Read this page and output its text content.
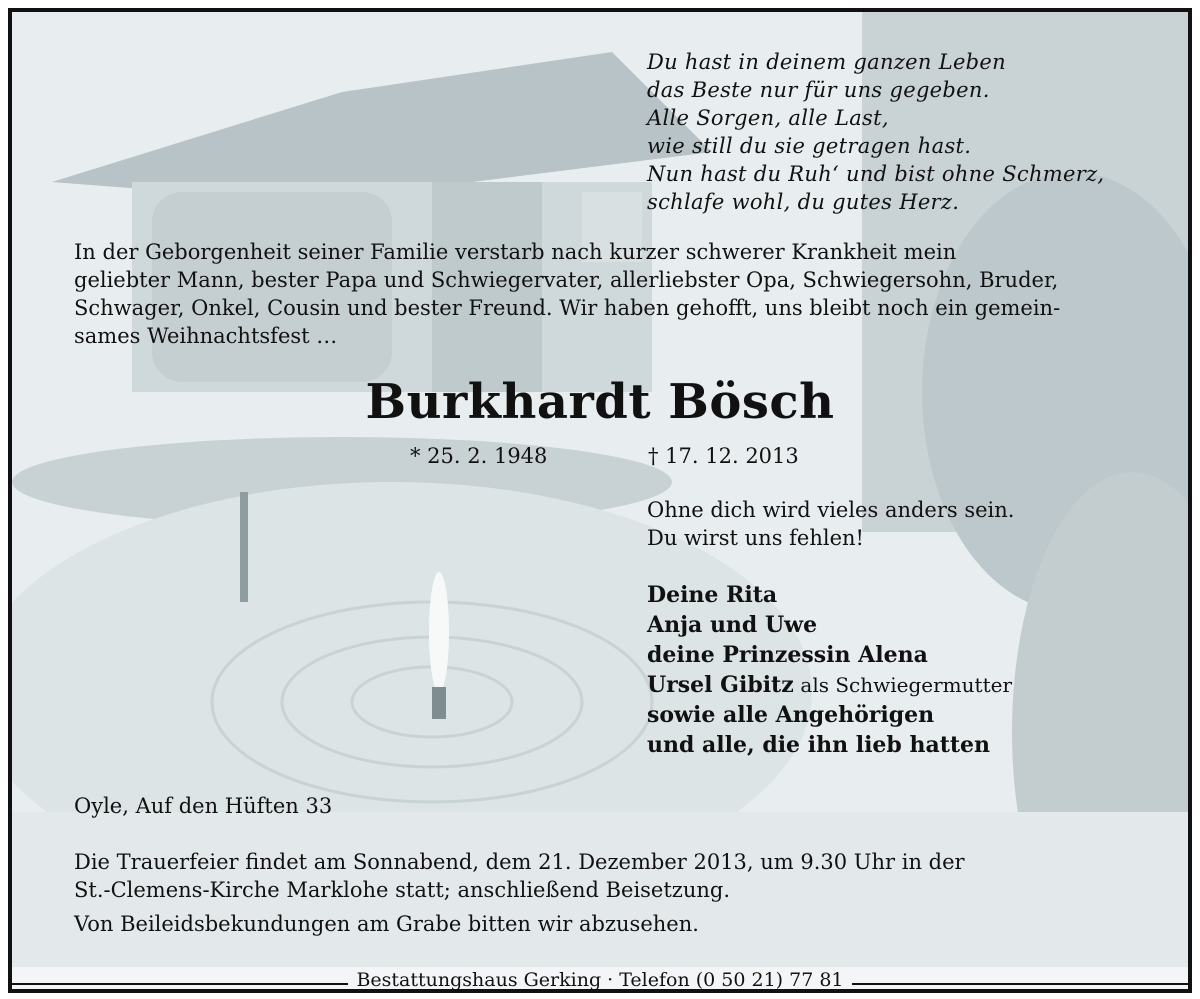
Du hast in deinem ganzen Leben
das Beste nur für uns gegeben.
Alle Sorgen, alle Last,
wie still du sie getragen hast.
Nun hast du Ruh‘ und bist ohne Schmerz,
schlafe wohl, du gutes Herz.
In der Geborgenheit seiner Familie verstarb nach kurzer schwerer Krankheit mein
geliebter Mann, bester Papa und Schwiegervater, allerliebster Opa, Schwiegersohn, Bruder,
Schwager, Onkel, Cousin und bester Freund. Wir haben gehofft, uns bleibt noch ein gemein-
sames Weihnachtsfest …
Burkhardt Bösch
* 25. 2. 1948	† 17. 12. 2013
Ohne dich wird vieles anders sein.
Du wirst uns fehlen!
Deine Rita
Anja und Uwe
deine Prinzessin Alena
Ursel Gibitz als Schwiegermutter
sowie alle Angehörigen
und alle, die ihn lieb hatten
Oyle, Auf den Hüften 33
Die Trauerfeier findet am Sonnabend, dem 21. Dezember 2013, um 9.30 Uhr in der
St.-Clemens-Kirche Marklohe statt; anschließend Beisetzung.
Von Beileidsbekundungen am Grabe bitten wir abzusehen.
Bestattungshaus Gerking · Telefon (0 50 21) 77 81
